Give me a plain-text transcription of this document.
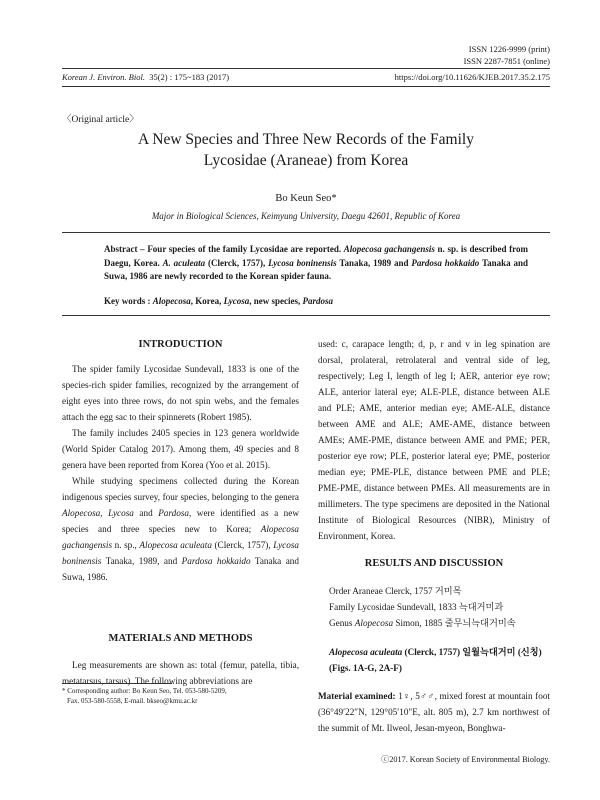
ISSN 1226-9999 (print)
ISSN 2287-7851 (online)
Korean J. Environ. Biol. 35(2) : 175~183 (2017)	https://doi.org/10.11626/KJEB.2017.35.2.175
〈Original article〉
A New Species and Three New Records of the Family
Lycosidae (Araneae) from Korea
Bo Keun Seo*
Major in Biological Sciences, Keimyung University, Daegu 42601, Republic of Korea
Abstract – Four species of the family Lycosidae are reported. Alopecosa gachangensis n. sp. is described from Daegu, Korea. A. aculeata (Clerck, 1757), Lycosa boninensis Tanaka, 1989 and Pardosa hokkaido Tanaka and Suwa, 1986 are newly recorded to the Korean spider fauna.
Key words : Alopecosa, Korea, Lycosa, new species, Pardosa
INTRODUCTION

The spider family Lycosidae Sundevall, 1833 is one of the species-rich spider families, recognized by the arrangement of eight eyes into three rows, do not spin webs, and the females attach the egg sac to their spinnerets (Robert 1985).

The family includes 2405 species in 123 genera worldwide (World Spider Catalog 2017). Among them, 49 species and 8 genera have been reported from Korea (Yoo et al. 2015).

While studying specimens collected during the Korean indigenous species survey, four species, belonging to the genera Alopecosa, Lycosa and Pardosa, were identified as a new species and three species new to Korea; Alopecosa gachangensis n. sp., Alopecosa aculeata (Clerck, 1757), Lycosa boninensis Tanaka, 1989, and Pardosa hokkaido Tanaka and Suwa, 1986.

MATERIALS AND METHODS

Leg measurements are shown as: total (femur, patella, tibia, metatarsus, tarsus). The following abbreviations are

* Corresponding author: Bo Keun Seo, Tel. 053-580-5209,
Fax. 053-580-5558, E-mail. bkseo@kmu.ac.kr

used: c, carapace length; d, p, r and v in leg spination are dorsal, prolateral, retrolateral and ventral side of leg, respectively; Leg I, length of leg I; AER, anterior eye row; ALE, anterior lateral eye; ALE-PLE, distance between ALE and PLE; AME, anterior median eye; AME-ALE, distance between AME and ALE; AME-AME, distance between AMEs; AME-PME, distance between AME and PME; PER, posterior eye row; PLE, posterior lateral eye; PME, posterior median eye; PME-PLE, distance between PME and PLE; PME-PME, distance between PMEs. All measurements are in millimeters. The type specimens are deposited in the National Institute of Biological Resources (NIBR), Ministry of Environment, Korea.

RESULTS AND DISCUSSION
Order Araneae Clerck, 1757 거미목
Family Lycosidae Sundevall, 1833 늑대거미과
Genus Alopecosa Simon, 1885 줄무늬늑대거미속
Alopecosa aculeata (Clerck, 1757) 일월늑대거미 (신칭)
(Figs. 1A-G, 2A-F)

Material examined: 1♀, 5♂♂, mixed forest at mountain foot (36°49′22″N, 129°05′10″E, alt. 805 m), 2.7 km northwest of the summit of Mt. Ilweol, Jesan-myeon, Bonghwa-

ⓒ2017. Korean Society of Environmental Biology.
